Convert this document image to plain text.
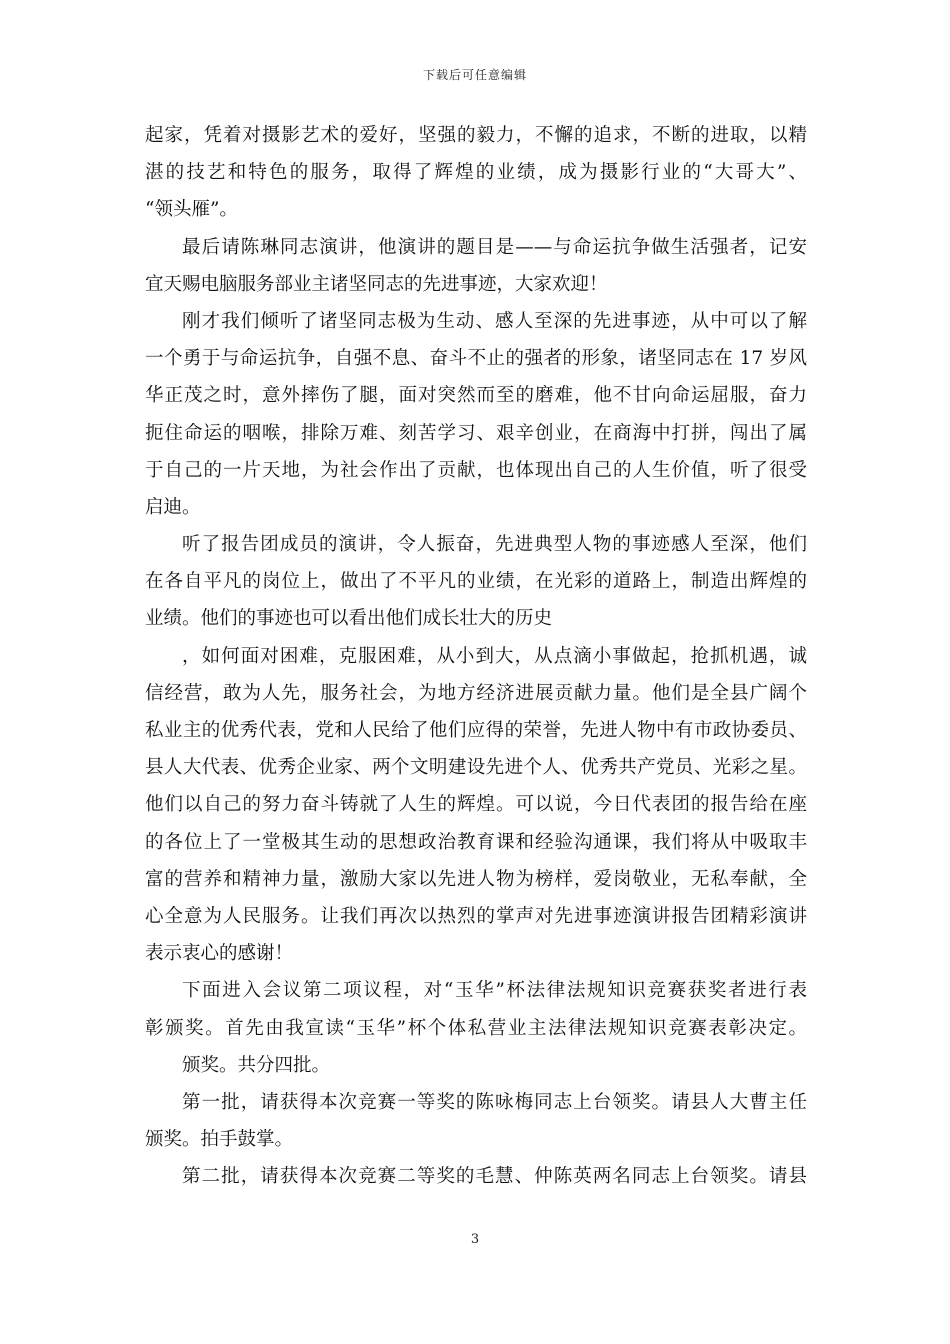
下载后可任意编辑
起家，凭着对摄影艺术的爱好，坚强的毅力，不懈的追求，不断的进取，以精
湛的技艺和特色的服务，取得了辉煌的业绩，成为摄影行业的“大哥大”、
“领头雁”。
最后请陈琳同志演讲，他演讲的题目是——与命运抗争做生活强者，记安
宜天赐电脑服务部业主诸坚同志的先进事迹，大家欢迎！
刚才我们倾听了诸坚同志极为生动、感人至深的先进事迹，从中可以了解
一个勇于与命运抗争，自强不息、奋斗不止的强者的形象，诸坚同志在 17 岁风
华正茂之时，意外摔伤了腿，面对突然而至的磨难，他不甘向命运屈服，奋力
扼住命运的咽喉，排除万难、刻苦学习、艰辛创业，在商海中打拼，闯出了属
于自己的一片天地，为社会作出了贡献，也体现出自己的人生价值，听了很受
启迪。
听了报告团成员的演讲，令人振奋，先进典型人物的事迹感人至深，他们
在各自平凡的岗位上，做出了不平凡的业绩，在光彩的道路上，制造出辉煌的
业绩。他们的事迹也可以看出他们成长壮大的历史
，如何面对困难，克服困难，从小到大，从点滴小事做起，抢抓机遇，诚
信经营，敢为人先，服务社会，为地方经济进展贡献力量。他们是全县广阔个
私业主的优秀代表，党和人民给了他们应得的荣誉，先进人物中有市政协委员、
县人大代表、优秀企业家、两个文明建设先进个人、优秀共产党员、光彩之星。
他们以自己的努力奋斗铸就了人生的辉煌。可以说，今日代表团的报告给在座
的各位上了一堂极其生动的思想政治教育课和经验沟通课，我们将从中吸取丰
富的营养和精神力量，激励大家以先进人物为榜样，爱岗敬业，无私奉献，全
心全意为人民服务。让我们再次以热烈的掌声对先进事迹演讲报告团精彩演讲
表示衷心的感谢！
下面进入会议第二项议程，对“玉华”杯法律法规知识竞赛获奖者进行表
彰颁奖。首先由我宣读“玉华”杯个体私营业主法律法规知识竞赛表彰决定。
颁奖。共分四批。
第一批，请获得本次竞赛一等奖的陈咏梅同志上台领奖。请县人大曹主任
颁奖。拍手鼓掌。
第二批，请获得本次竞赛二等奖的毛慧、仲陈英两名同志上台领奖。请县
3
